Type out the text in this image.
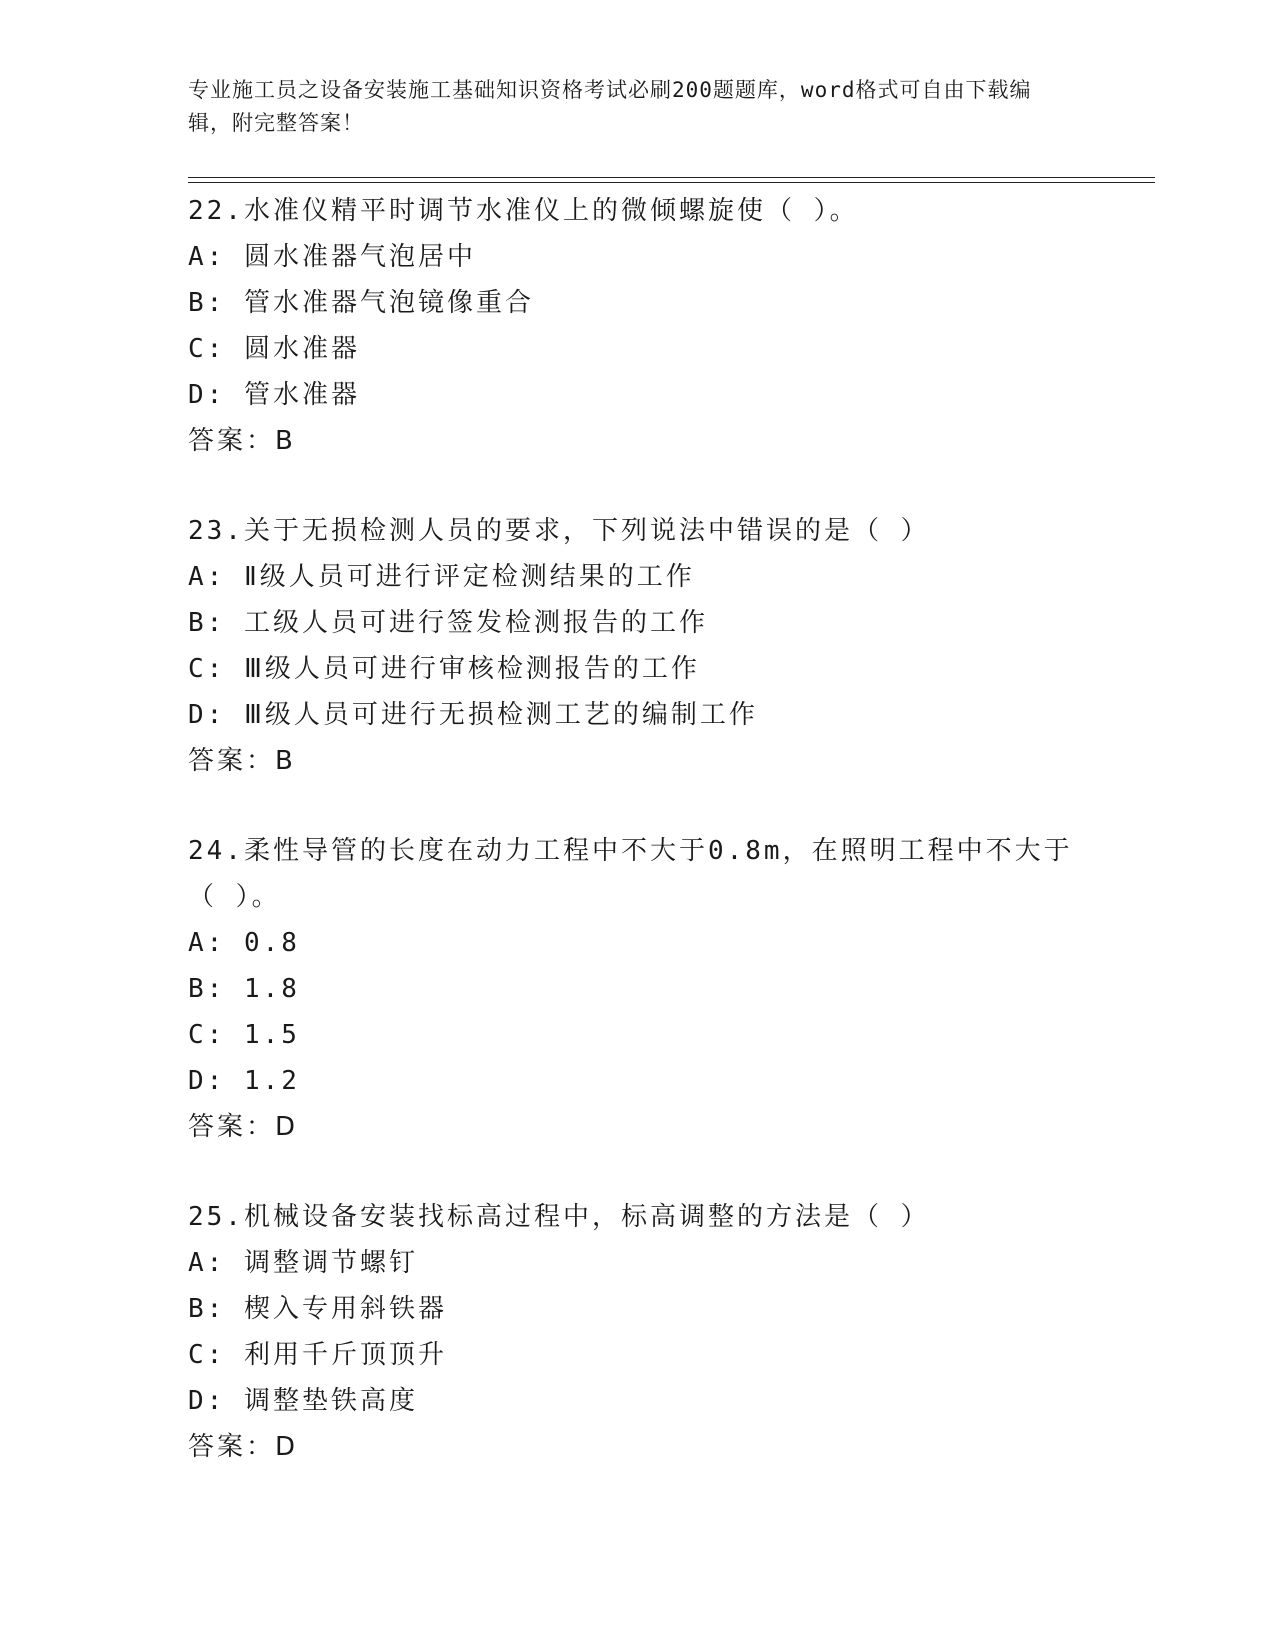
专业施工员之设备安装施工基础知识资格考试必刷200题题库，word格式可自由下载编辑，附完整答案！
22.水准仪精平时调节水准仪上的微倾螺旋使（ ）。
A: 圆水准器气泡居中
B: 管水准器气泡镜像重合
C: 圆水准器
D: 管水准器
答案：B
23.关于无损检测人员的要求，下列说法中错误的是（ ）
A: Ⅱ级人员可进行评定检测结果的工作
B: 工级人员可进行签发检测报告的工作
C: Ⅲ级人员可进行审核检测报告的工作
D: Ⅲ级人员可进行无损检测工艺的编制工作
答案：B
24.柔性导管的长度在动力工程中不大于0.8m，在照明工程中不大于（ ）。
A: 0.8
B: 1.8
C: 1.5
D: 1.2
答案：D
25.机械设备安装找标高过程中，标高调整的方法是（ ）
A: 调整调节螺钉
B: 楔入专用斜铁器
C: 利用千斤顶顶升
D: 调整垫铁高度
答案：D
